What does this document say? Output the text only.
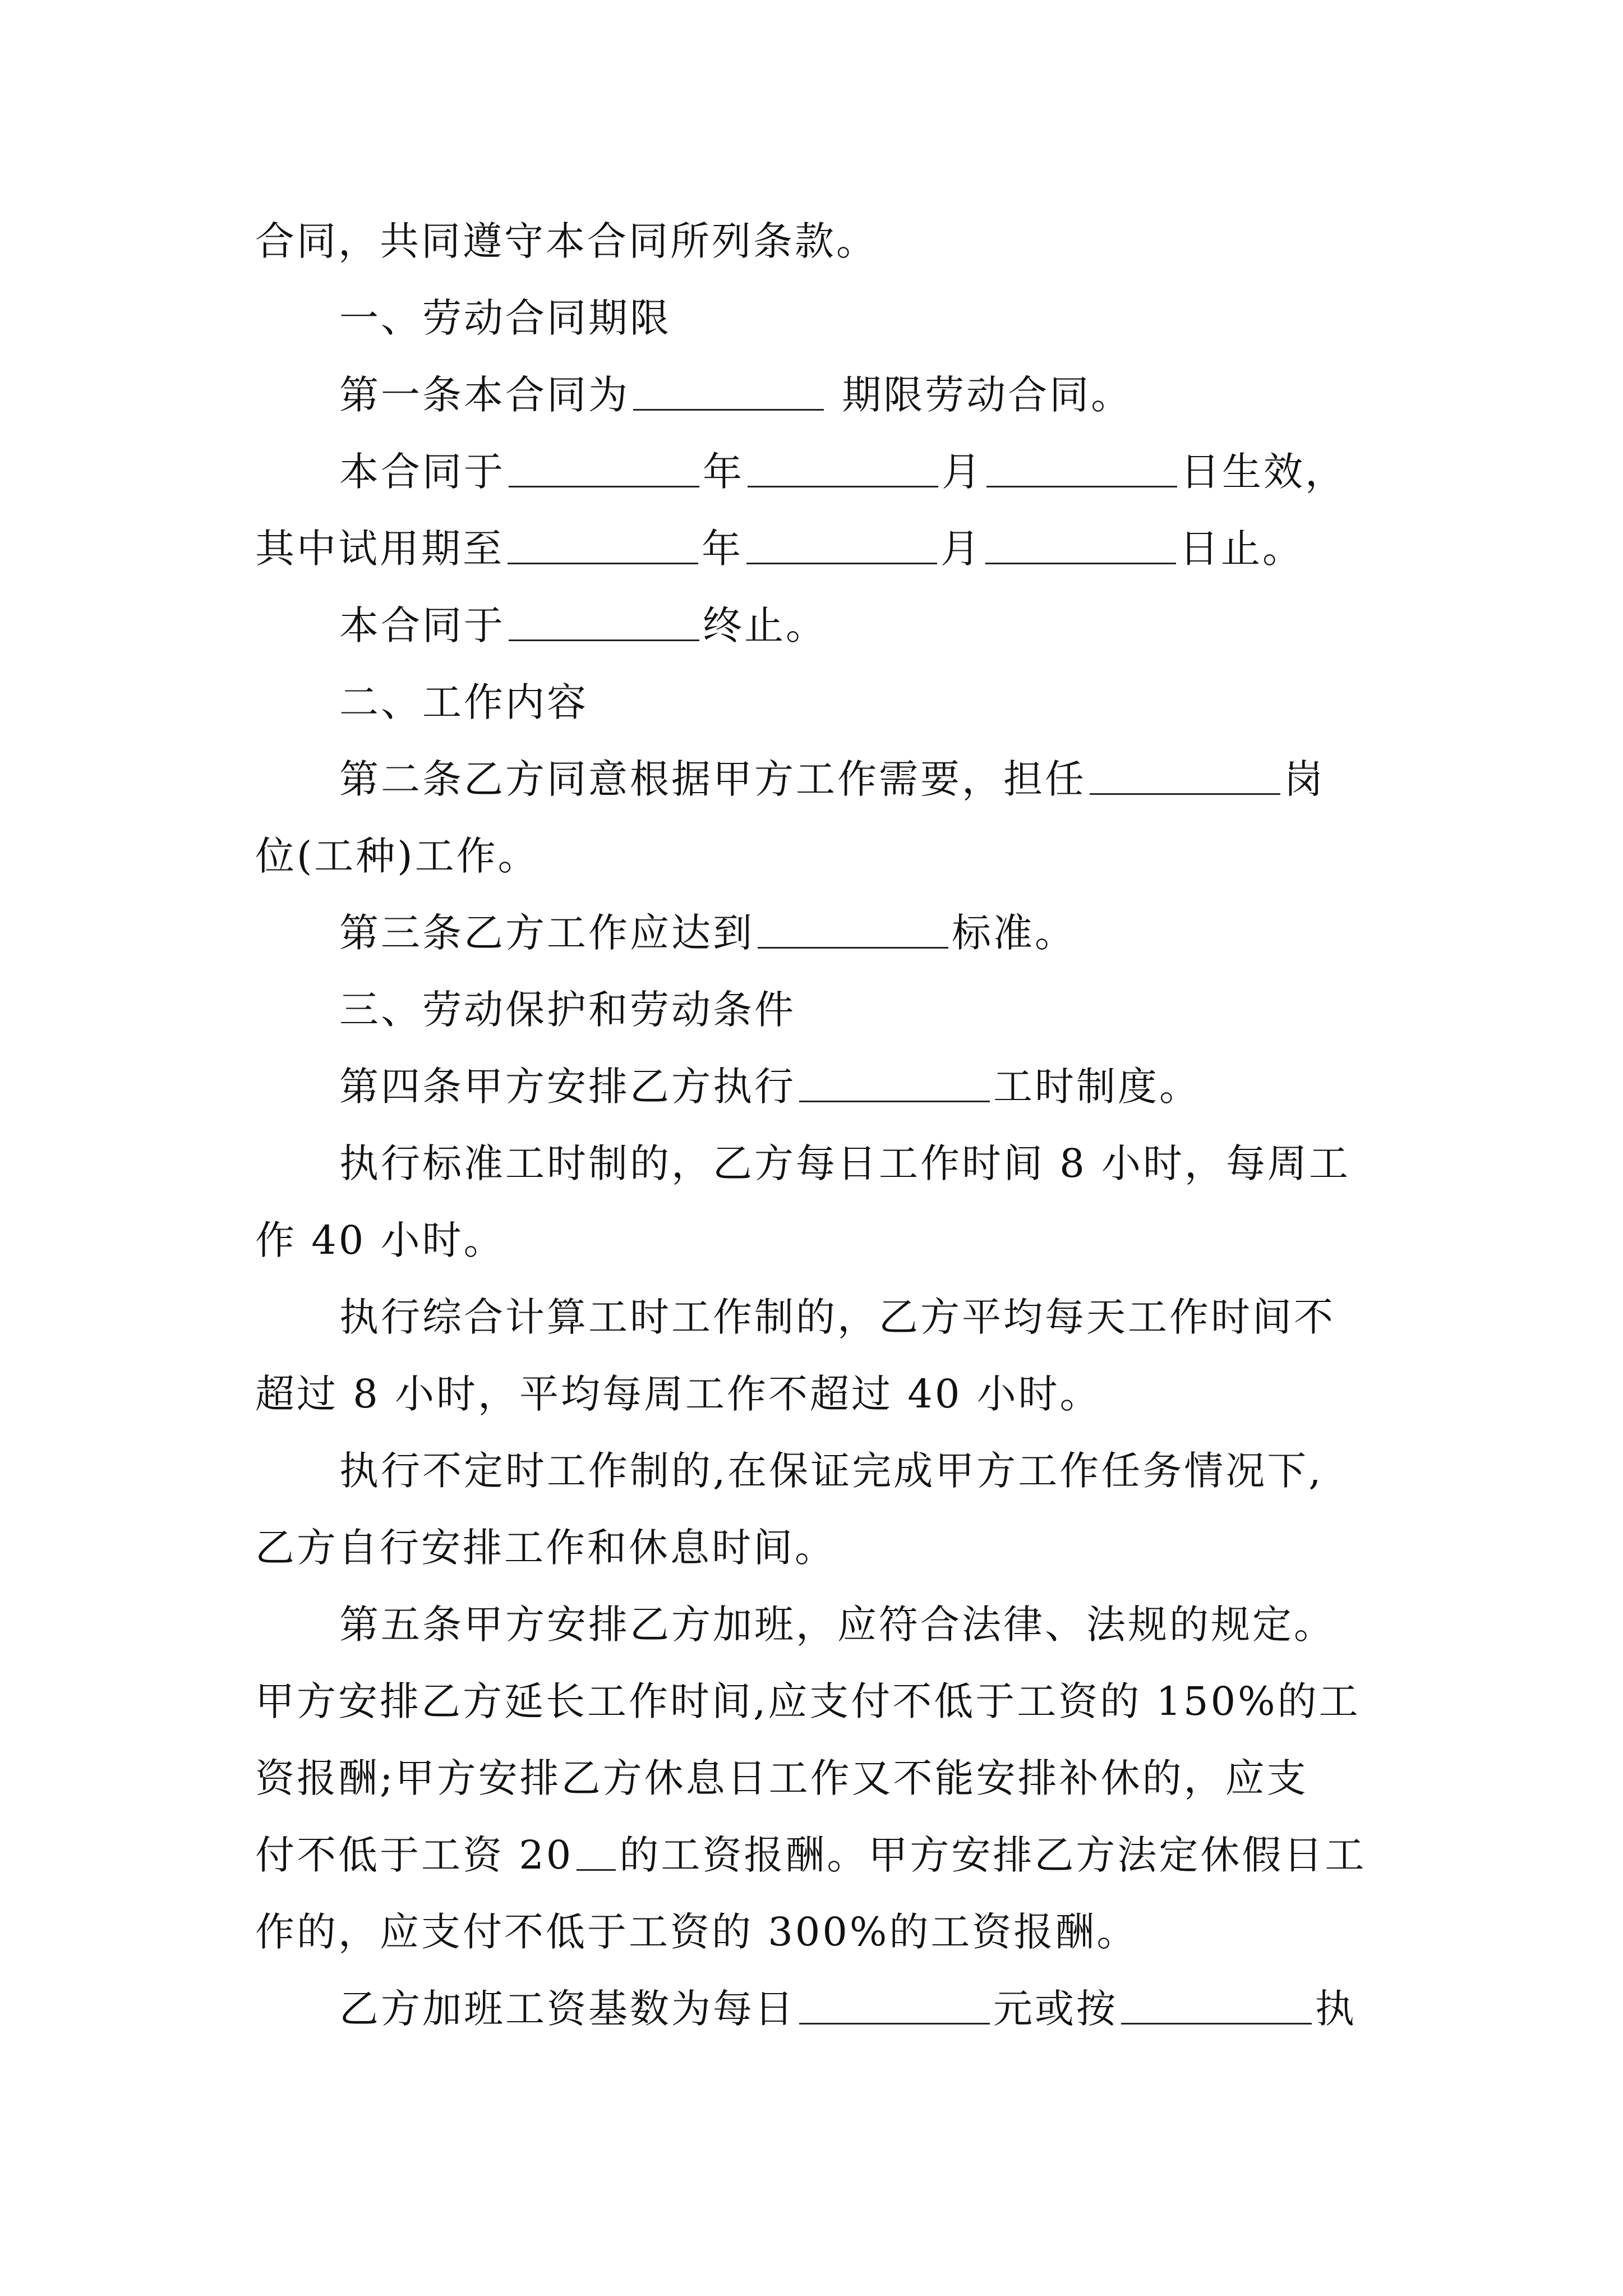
合同，共同遵守本合同所列条款。
一、劳动合同期限
第一条本合同为	期限劳动合同。
本合同于	年	月	日生效，
其中试用期至	年	月	日止。
本合同于	终止。
二、工作内容
第二条乙方同意根据甲方工作需要，担任	岗
位(工种)工作。
第三条乙方工作应达到	标准。
三、劳动保护和劳动条件
第四条甲方安排乙方执行	工时制度。
执行标准工时制的，乙方每日工作时间 8 小时，每周工
作 40 小时。
执行综合计算工时工作制的，乙方平均每天工作时间不
超过 8 小时，平均每周工作不超过 40 小时。
执行不定时工作制的,在保证完成甲方工作任务情况下,
乙方自行安排工作和休息时间。
第五条甲方安排乙方加班，应符合法律、法规的规定。
甲方安排乙方延长工作时间,应支付不低于工资的 150%的工
资报酬;甲方安排乙方休息日工作又不能安排补休的，应支
付不低于工资 20 的工资报酬。甲方安排乙方法定休假日工
作的，应支付不低于工资的 300%的工资报酬。
乙方加班工资基数为每日	元或按	执
